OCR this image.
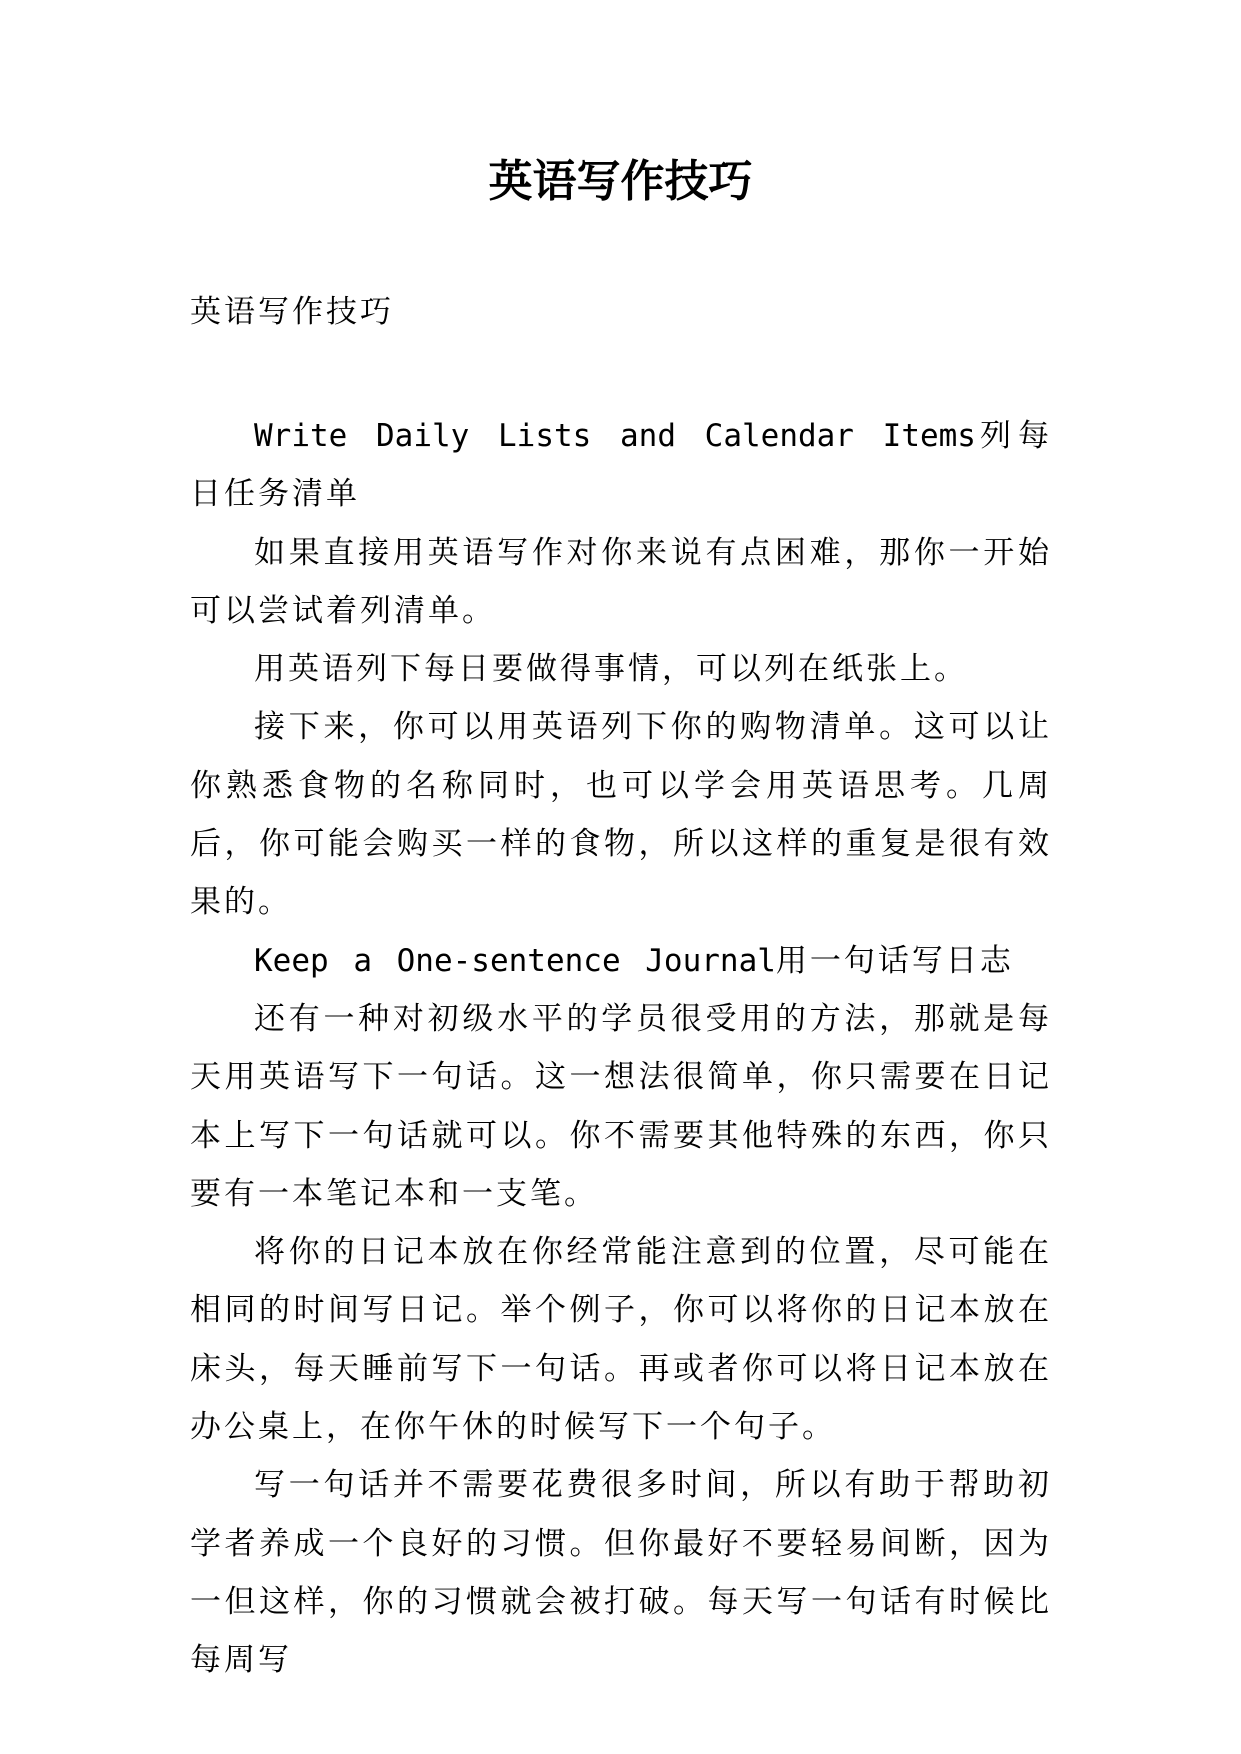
英语写作技巧

英语写作技巧

Write Daily Lists and Calendar Items列每日任务清单

如果直接用英语写作对你来说有点困难，那你一开始可以尝试着列清单。

用英语列下每日要做得事情，可以列在纸张上。

接下来，你可以用英语列下你的购物清单。这可以让你熟悉食物的名称同时，也可以学会用英语思考。几周后，你可能会购买一样的食物，所以这样的重复是很有效果的。

Keep a One-sentence Journal用一句话写日志

还有一种对初级水平的学员很受用的方法，那就是每天用英语写下一句话。这一想法很简单，你只需要在日记本上写下一句话就可以。你不需要其他特殊的东西，你只要有一本笔记本和一支笔。

将你的日记本放在你经常能注意到的位置，尽可能在相同的时间写日记。举个例子，你可以将你的日记本放在床头，每天睡前写下一句话。再或者你可以将日记本放在办公桌上，在你午休的时候写下一个句子。

写一句话并不需要花费很多时间，所以有助于帮助初学者养成一个良好的习惯。但你最好不要轻易间断，因为一但这样，你的习惯就会被打破。每天写一句话有时候比每周写
